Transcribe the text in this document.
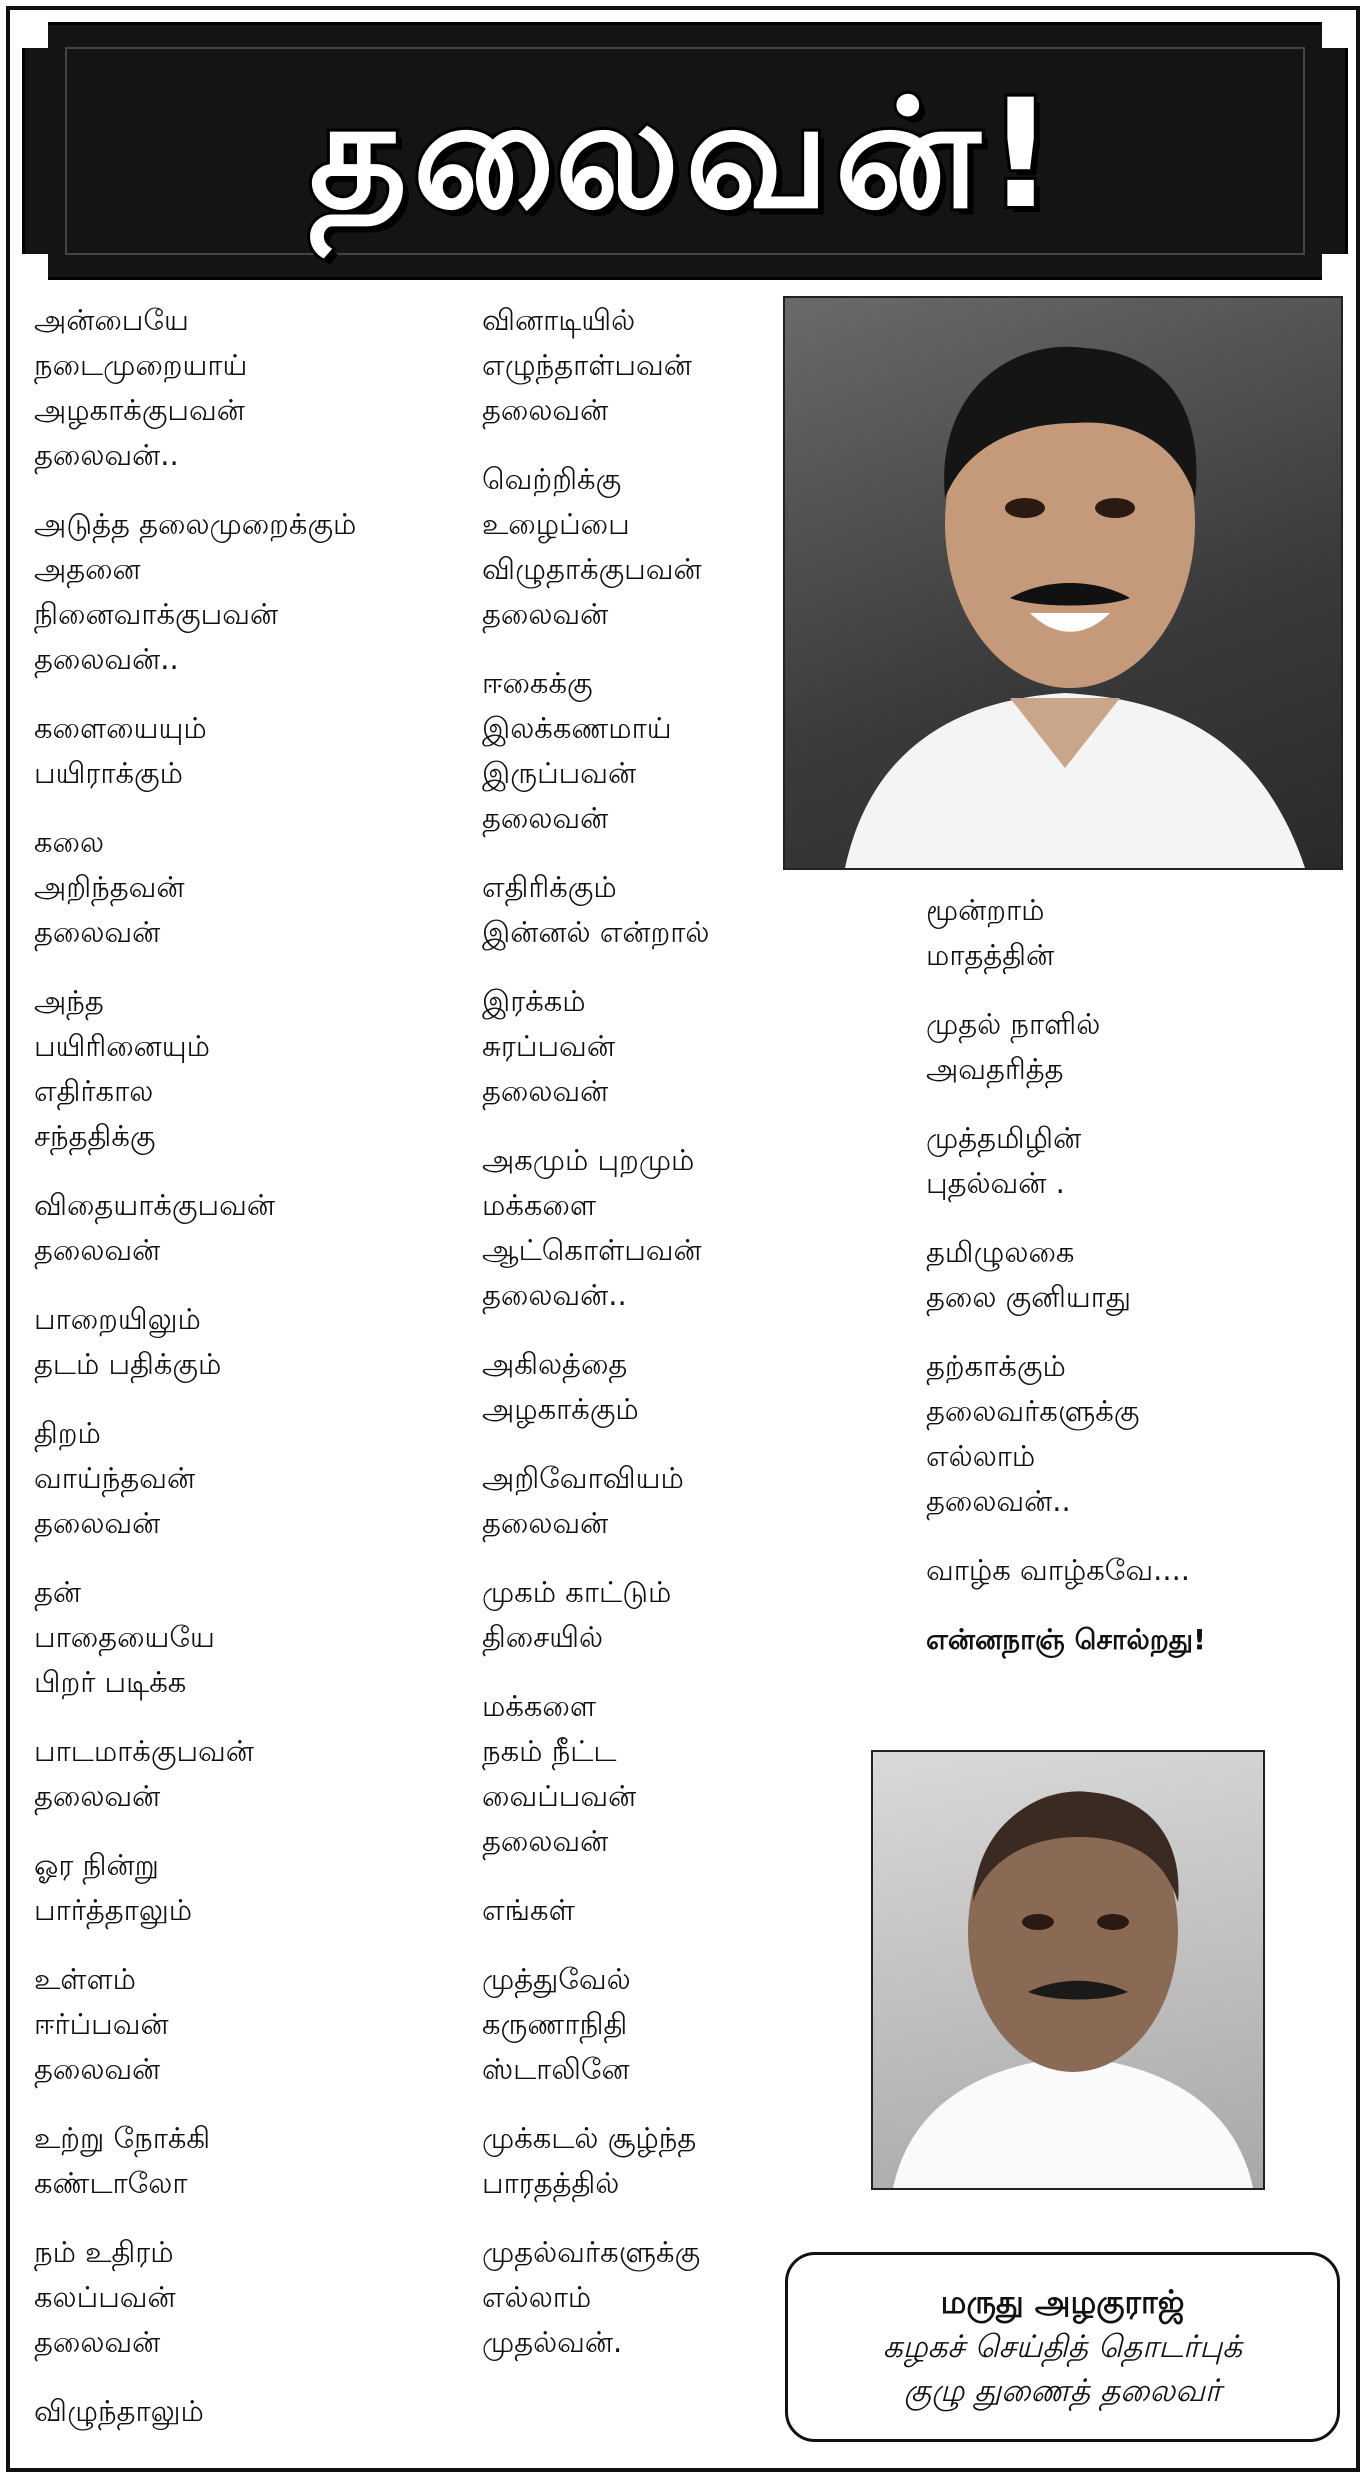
தலைவன்!

அன்பையே
நடைமுறையாய்
அழகாக்குபவன்
தலைவன்..

அடுத்த தலைமுறைக்கும்
அதனை
நினைவாக்குபவன்
தலைவன்..

களையையும்
பயிராக்கும்

கலை
அறிந்தவன்
தலைவன்

அந்த
பயிரினையும்
எதிர்கால
சந்ததிக்கு

விதையாக்குபவன்
தலைவன்

பாறையிலும்
தடம் பதிக்கும்

திறம்
வாய்ந்தவன்
தலைவன்

தன்
பாதையையே
பிறர் படிக்க

பாடமாக்குபவன்
தலைவன்

ஓர நின்று
பார்த்தாலும்

உள்ளம்
ஈர்ப்பவன்
தலைவன்

உற்று நோக்கி
கண்டாலோ

நம் உதிரம்
கலப்பவன்
தலைவன்

விழுந்தாலும்

வினாடியில்
எழுந்தாள்பவன்
தலைவன்

வெற்றிக்கு
உழைப்பை
விழுதாக்குபவன்
தலைவன்

ஈகைக்கு
இலக்கணமாய்
இருப்பவன்
தலைவன்

எதிரிக்கும்
இன்னல் என்றால்

இரக்கம்
சுரப்பவன்
தலைவன்

அகமும் புறமும்
மக்களை
ஆட்கொள்பவன்
தலைவன்..

அகிலத்தை
அழகாக்கும்

அறிவோவியம்
தலைவன்

முகம் காட்டும்
திசையில்

மக்களை
நகம் நீட்ட
வைப்பவன்
தலைவன்

எங்கள்

முத்துவேல்
கருணாநிதி
ஸ்டாலினே

முக்கடல் சூழ்ந்த
பாரதத்தில்

முதல்வர்களுக்கு
எல்லாம்
முதல்வன்.

மூன்றாம்
மாதத்தின்

முதல் நாளில்
அவதரித்த

முத்தமிழின்
புதல்வன் .

தமிழுலகை
தலை குனியாது

தற்காக்கும்
தலைவர்களுக்கு
எல்லாம்
தலைவன்..

வாழ்க வாழ்கவே....

என்னநாஞ் சொல்றது!

மருது அழகுராஜ்
கழகச் செய்தித் தொடர்புக்
குழு துணைத் தலைவர்
